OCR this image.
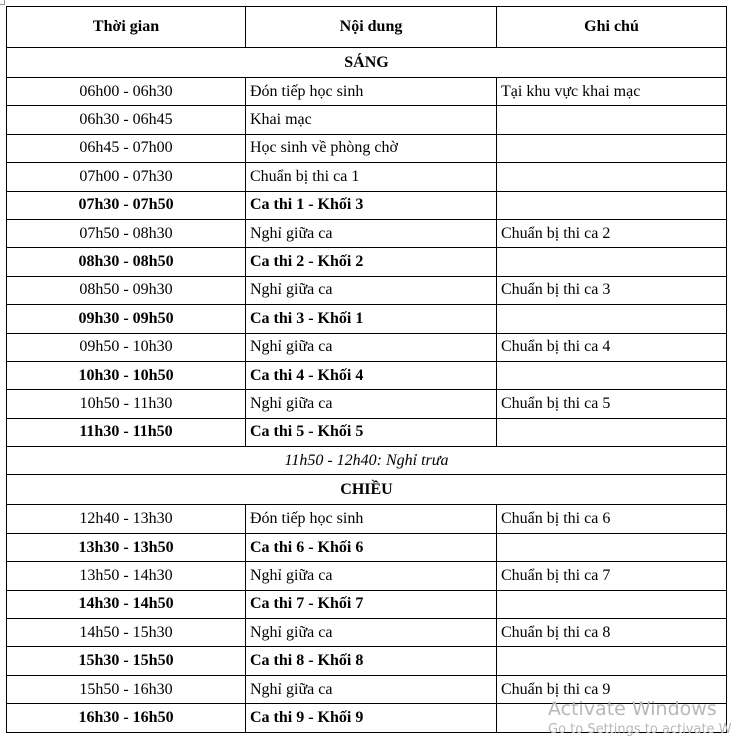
Thời gian	Nội dung	Ghi chú
SÁNG		
06h00 - 06h30	Đón tiếp học sinh	Tại khu vực khai mạc
06h30 - 06h45	Khai mạc	
06h45 - 07h00	Học sinh về phòng chờ	
07h00 - 07h30	Chuẩn bị thi ca 1	
07h30 - 07h50	Ca thi 1 - Khối 3	
07h50 - 08h30	Nghỉ giữa ca	Chuẩn bị thi ca 2
08h30 - 08h50	Ca thi 2 - Khối 2	
08h50 - 09h30	Nghỉ giữa ca	Chuẩn bị thi ca 3
09h30 - 09h50	Ca thi 3 - Khối 1	
09h50 - 10h30	Nghỉ giữa ca	Chuẩn bị thi ca 4
10h30 - 10h50	Ca thi 4 - Khối 4	
10h50 - 11h30	Nghỉ giữa ca	Chuẩn bị thi ca 5
11h30 - 11h50	Ca thi 5 - Khối 5	
11h50 - 12h40: Nghỉ trưa		
CHIỀU		
12h40 - 13h30	Đón tiếp học sinh	Chuẩn bị thi ca 6
13h30 - 13h50	Ca thi 6 - Khối 6	
13h50 - 14h30	Nghỉ giữa ca	Chuẩn bị thi ca 7
14h30 - 14h50	Ca thi 7 - Khối 7	
14h50 - 15h30	Nghỉ giữa ca	Chuẩn bị thi ca 8
15h30 - 15h50	Ca thi 8 - Khối 8	
15h50 - 16h30	Nghỉ giữa ca	Chuẩn bị thi ca 9
16h30 - 16h50	Ca thi 9 - Khối 9		Activate Windows
Go to Settings to activate W
